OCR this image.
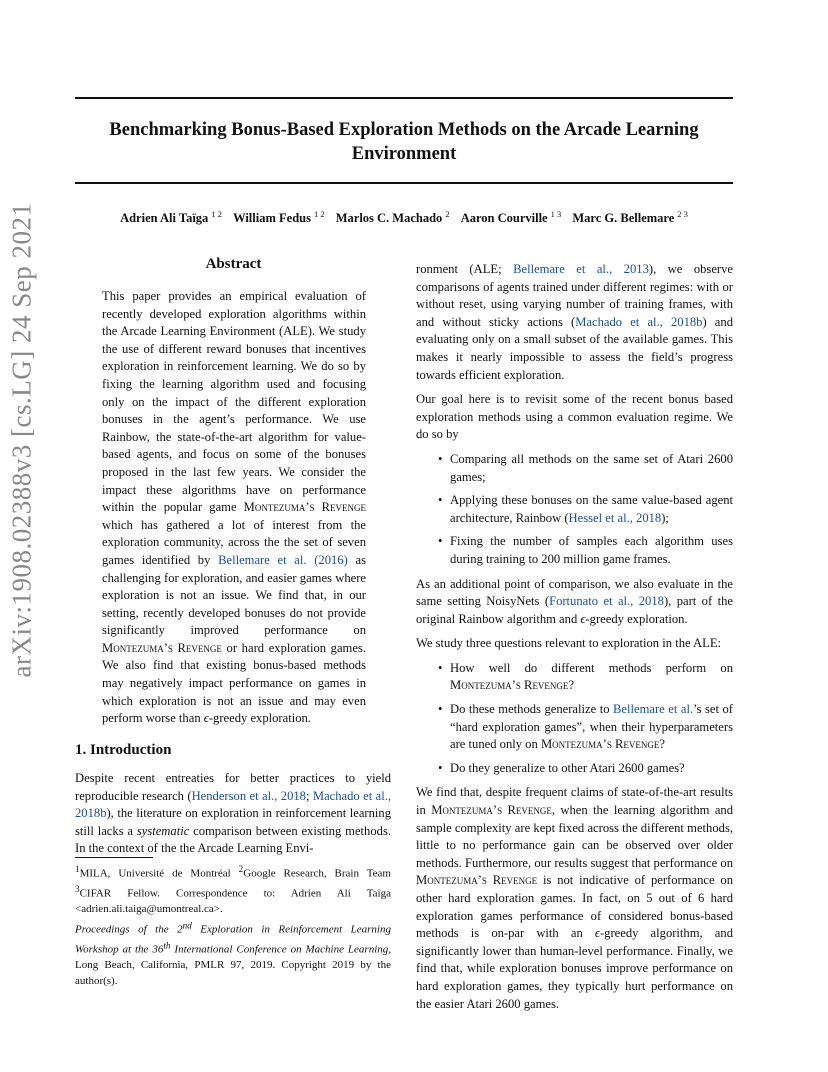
Benchmarking Bonus-Based Exploration Methods on the Arcade Learning
Environment
Adrien Ali Taïga $^{1 2}$ William Fedus $^{1 2}$ Marlos C. Machado $^2$ Aaron Courville $^{1 3}$ Marc G. Bellemare $^{2 3}$
arXiv:1908.02388v3 [cs.LG] 24 Sep 2021	Abstract
This paper provides an empirical evaluation of recently developed exploration algorithms within the Arcade Learning Environment (ALE). We study the use of different reward bonuses that incentives exploration in reinforcement learning. We do so by fixing the learning algorithm used and focusing only on the impact of the different exploration bonuses in the agent’s performance. We use Rainbow, the state-of-the-art algorithm for value-based agents, and focus on some of the bonuses proposed in the last few years. We consider the impact these algorithms have on performance within the popular game Montezuma’s Revenge which has gathered a lot of interest from the exploration community, across the the set of seven games identified by Bellemare et al. (2016) as challenging for exploration, and easier games where exploration is not an issue. We find that, in our setting, recently developed bonuses do not provide significantly improved performance on Montezuma’s Revenge or hard exploration games. We also find that existing bonus-based methods may negatively impact performance on games in which exploration is not an issue and may even perform worse than ϵ-greedy exploration.
1. Introduction
Despite recent entreaties for better practices to yield reproducible research (Henderson et al., 2018; Machado et al., 2018b), the literature on exploration in reinforcement learning still lacks a systematic comparison between existing methods. In the context of the the Arcade Learning Envi-
$^1$MILA, Université de Montréal $^2$Google Research, Brain Team $^3$CIFAR Fellow. Correspondence to: Adrien Ali Taïga <adrien.ali.taiga@umontreal.ca>.
Proceedings of the 2nd Exploration in Reinforcement Learning Workshop at the 36th International Conference on Machine Learning, Long Beach, California, PMLR 97, 2019. Copyright 2019 by the author(s).

ronment (ALE; Bellemare et al., 2013), we observe comparisons of agents trained under different regimes: with or without reset, using varying number of training frames, with and without sticky actions (Machado et al., 2018b) and evaluating only on a small subset of the available games. This makes it nearly impossible to assess the field’s progress towards efficient exploration.

Our goal here is to revisit some of the recent bonus based exploration methods using a common evaluation regime. We do so by

• Comparing all methods on the same set of Atari 2600 games;
• Applying these bonuses on the same value-based agent architecture, Rainbow (Hessel et al., 2018);
• Fixing the number of samples each algorithm uses during training to 200 million game frames.

As an additional point of comparison, we also evaluate in the same setting NoisyNets (Fortunato et al., 2018), part of the original Rainbow algorithm and ϵ-greedy exploration.

We study three questions relevant to exploration in the ALE:

• How well do different methods perform on Montezuma’s Revenge?
• Do these methods generalize to Bellemare et al.’s set of “hard exploration games”, when their hyperparameters are tuned only on Montezuma’s Revenge?
• Do they generalize to other Atari 2600 games?

We find that, despite frequent claims of state-of-the-art results in Montezuma’s Revenge, when the learning algorithm and sample complexity are kept fixed across the different methods, little to no performance gain can be observed over older methods. Furthermore, our results suggest that performance on Montezuma’s Revenge is not indicative of performance on other hard exploration games. In fact, on 5 out of 6 hard exploration games performance of considered bonus-based methods is on-par with an ϵ-greedy algorithm, and significantly lower than human-level performance. Finally, we find that, while exploration bonuses improve performance on hard exploration games, they typically hurt performance on the easier Atari 2600 games.
